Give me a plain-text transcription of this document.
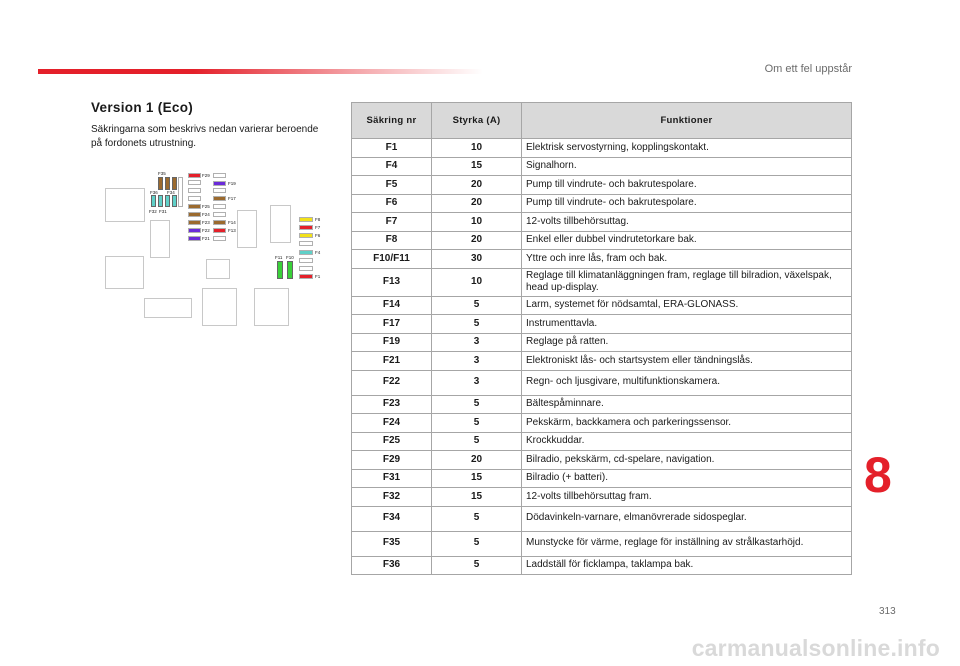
Om ett fel uppstår
Version 1 (Eco)
Säkringarna som beskrivs nedan varierar beroende på fordonets utrustning.
F35
F36 F34
F32 F31
F29
F19
F17
F25
F24
F23	F14
F22	F13
F21
F8
F7
F6
F4
F1
F11 F10
Säkring nr	Styrka (A)	Funktioner
F1	10	Elektrisk servostyrning, kopplingskontakt.
F4	15	Signalhorn.
F5	20	Pump till vindrute- och bakrutespolare.
F6	20	Pump till vindrute- och bakrutespolare.
F7	10	12-volts tillbehörsuttag.
F8	20	Enkel eller dubbel vindrutetorkare bak.
F10/F11	30	Yttre och inre lås, fram och bak.
F13	10	Reglage till klimatanläggningen fram, reglage till bilradion, växelspak, head up-display.
F14	5	Larm, systemet för nödsamtal, ERA-GLONASS.
F17	5	Instrumenttavla.
F19	3	Reglage på ratten.
F21	3	Elektroniskt lås- och startsystem eller tändningslås.
F22	3	Regn- och ljusgivare, multifunktionskamera.
F23	5	Bältespåminnare.
F24	5	Pekskärm, backkamera och parkeringssensor.
F25	5	Krockkuddar.
F29	20	Bilradio, pekskärm, cd-spelare, navigation.
F31	15	Bilradio (+ batteri).
F32	15	12-volts tillbehörsuttag fram.
F34	5	Dödavinkeln-varnare, elmanövrerade sidospeglar.
F35	5	Munstycke för värme, reglage för inställning av strålkastarhöjd.
F36	5	Laddställ för ficklampa, taklampa bak.
8
313
carmanualsonline.info
